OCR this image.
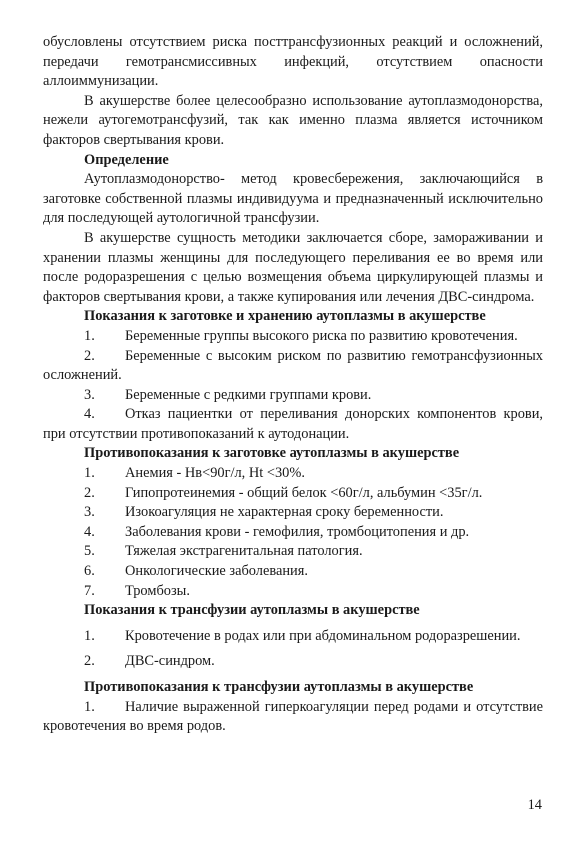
обусловлены отсутствием риска посттрансфузионных реакций и осложнений, передачи гемотрансмиссивных инфекций, отсутствием опасности аллоиммунизации.

В акушерстве более целесообразно использование аутоплазмодонорства, нежели аутогемотрансфузий, так как именно плазма является источником факторов свертывания крови.

Определение

Аутоплазмодонорство- метод кровесбережения, заключающийся в заготовке собственной плазмы индивидуума и предназначенный исключительно для последующей аутологичной трансфузии.

В акушерстве сущность методики заключается сборе, замораживании и хранении плазмы женщины для последующего переливания ее во время или после родоразрешения с целью возмещения объема циркулирующей плазмы и факторов свертывания крови, а также купирования или лечения ДВС-синдрома.

Показания к заготовке и хранению аутоплазмы в акушерстве

1. Беременные группы высокого риска по развитию кровотечения.

2. Беременные с высоким риском по развитию гемотрансфузионных осложнений.

3. Беременные с редкими группами крови.

4. Отказ пациентки от переливания донорских компонентов крови, при отсутствии противопоказаний к аутодонации.

Противопоказания к заготовке аутоплазмы в акушерстве

1. Анемия - Нв<90г/л, Ht <30%.

2. Гипопротеинемия - общий белок <60г/л, альбумин <35г/л.

3. Изокоагуляция не характерная сроку беременности.

4. Заболевания крови - гемофилия, тромбоцитопения и др.

5. Тяжелая экстрагенитальная патология.

6. Онкологические заболевания.

7. Тромбозы.

Показания к трансфузии аутоплазмы в акушерстве

1. Кровотечение в родах или при абдоминальном родоразрешении.

2. ДВС-синдром.

Противопоказания к трансфузии аутоплазмы в акушерстве

1. Наличие выраженной гиперкоагуляции перед родами и отсутствие кровотечения во время родов.

14
